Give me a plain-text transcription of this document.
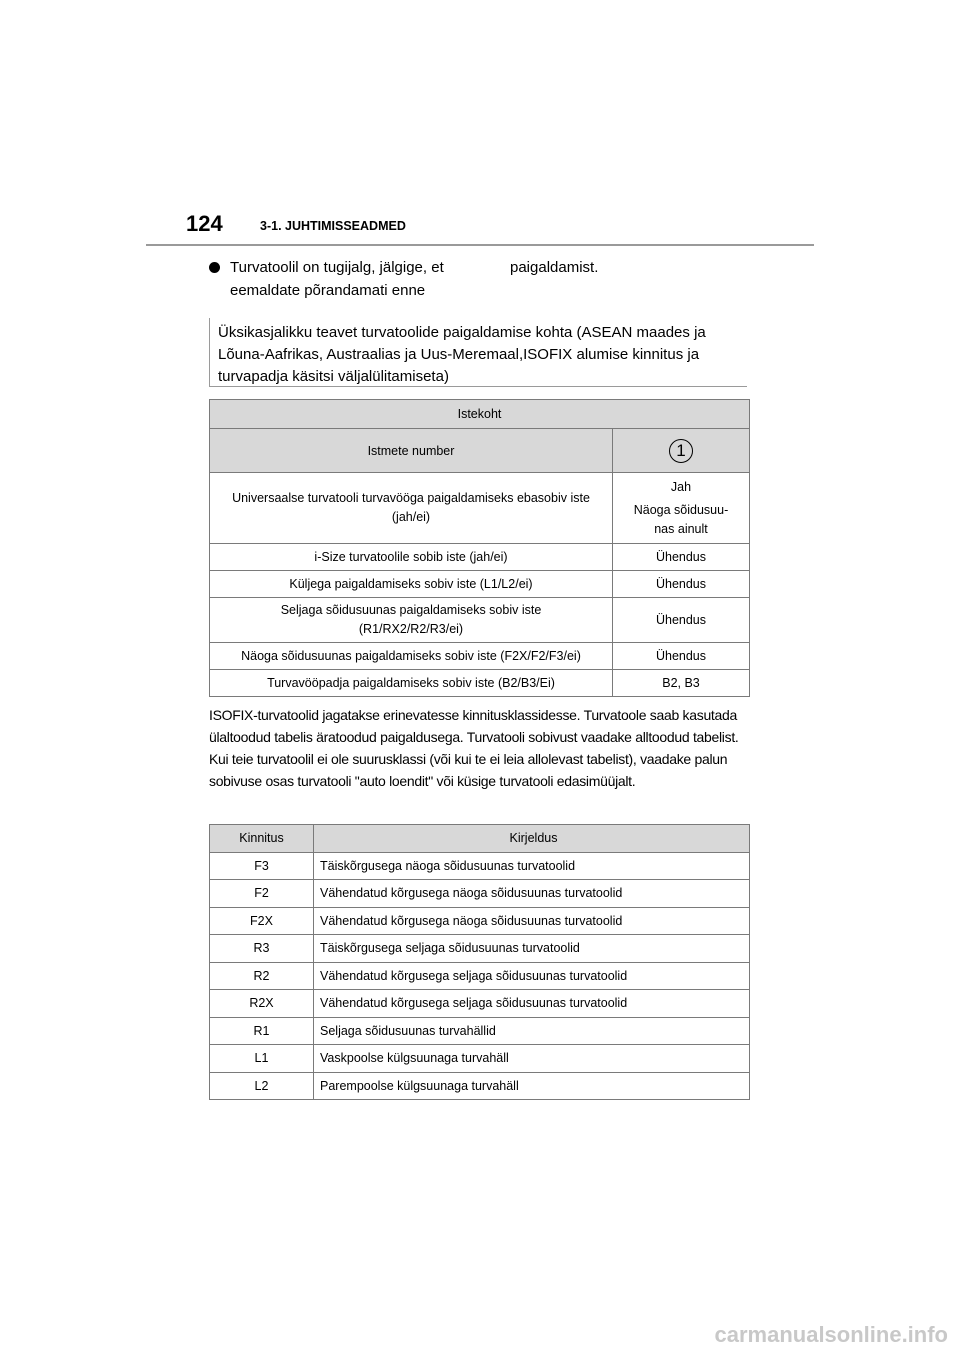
124	3-1. JUHTIMISSEADMED
Turvatoolil on tugijalg, jälgige, et
eemaldate põrandamati enne
paigaldamist.
Üksikasjalikku teavet turvatoolide paigaldamise kohta (ASEAN maades ja Lõuna-Aafrikas, Austraalias ja Uus-Meremaal,ISOFIX alumise kinnitus ja turvapadja käsitsi väljalülitamiseta)
Istekoht	
Istmete number	1
Universaalse turvatooli turvavööga paigaldamiseks ebasobiv iste (jah/ei)	Jah
Näoga sõidusuu-
nas ainult

i-Size turvatoolile sobib iste (jah/ei)	Ühendus
Küljega paigaldamiseks sobiv iste (L1/L2/ei)	Ühendus

Seljaga sõidusuunas paigaldamiseks sobiv iste
(R1/RX2/R2/R3/ei)	Ühendus
Näoga sõidusuunas paigaldamiseks sobiv iste (F2X/F2/F3/ei)	Ühendus
Turvavööpadja paigaldamiseks sobiv iste (B2/B3/Ei)	B2, B3

ISOFIX-turvatoolid jagatakse erinevatesse kinnitusklassidesse. Turvatoole saab kasutada ülaltoodud tabelis äratoodud paigaldusega. Turvatooli sobivust vaadake alltoodud tabelist.

Kui teie turvatoolil ei ole suurusklassi (või kui te ei leia allolevast tabelist), vaadake palun sobivuse osas turvatooli "auto loendit" või küsige turvatooli edasimüüjalt.

Kinnitus	Kirjeldus
F3	Täiskõrgusega näoga sõidusuunas turvatoolid
F2	Vähendatud kõrgusega näoga sõidusuunas turvatoolid
F2X	Vähendatud kõrgusega näoga sõidusuunas turvatoolid
R3	Täiskõrgusega seljaga sõidusuunas turvatoolid
R2	Vähendatud kõrgusega seljaga sõidusuunas turvatoolid
R2X	Vähendatud kõrgusega seljaga sõidusuunas turvatoolid
R1	Seljaga sõidusuunas turvahällid
L1	Vaskpoolse külgsuunaga turvahäll
L2	Parempoolse külgsuunaga turvahäll
carmanualsonline.info
